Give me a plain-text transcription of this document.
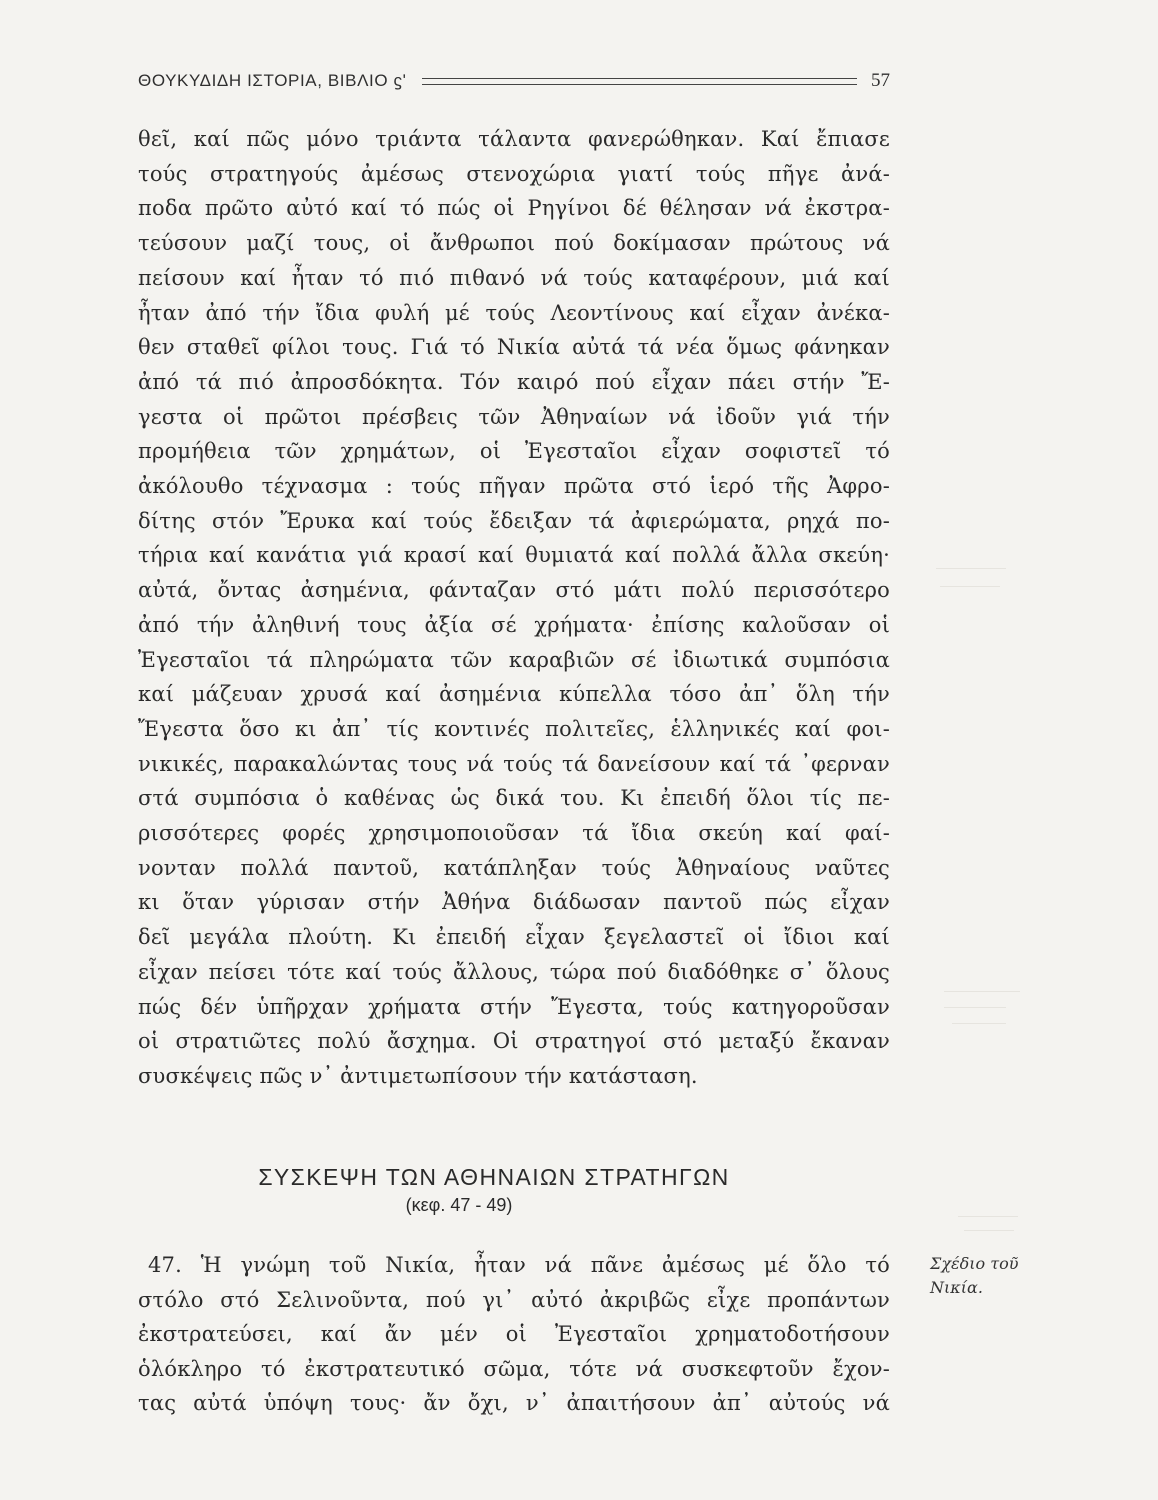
ΘΟΥΚΥΔΙΔΗ ΙΣΤΟΡΙΑ, ΒΙΒΛΙΟ ϛʹ	57
θεῖ, καί πῶς μόνο τριάντα τάλαντα φανερώθηκαν. Καί ἔπιασε
τούς στρατηγούς ἀμέσως στενοχώρια γιατί τούς πῆγε ἀνά-
ποδα πρῶτο αὐτό καί τό πώς οἱ Ρηγίνοι δέ θέλησαν νά ἐκστρα-
τεύσουν μαζί τους, οἱ ἄνθρωποι πού δοκίμασαν πρώτους νά
πείσουν καί ἦταν τό πιό πιθανό νά τούς καταφέρουν, μιά καί
ἦταν ἀπό τήν ἴδια φυλή μέ τούς Λεοντίνους καί εἶχαν ἀνέκα-
θεν σταθεῖ φίλοι τους. Γιά τό Νικία αὐτά τά νέα ὅμως φάνηκαν
ἀπό τά πιό ἀπροσδόκητα. Τόν καιρό πού εἶχαν πάει στήν Ἔ-
γεστα οἱ πρῶτοι πρέσβεις τῶν Ἀθηναίων νά ἰδοῦν γιά τήν
προμήθεια τῶν χρημάτων, οἱ Ἐγεσταῖοι εἶχαν σοφιστεῖ τό
ἀκόλουθο τέχνασμα : τούς πῆγαν πρῶτα στό ἱερό τῆς Ἀφρο-
δίτης στόν Ἔρυκα καί τούς ἔδειξαν τά ἀφιερώματα, ρηχά πο-
τήρια καί κανάτια γιά κρασί καί θυμιατά καί πολλά ἄλλα σκεύη·
αὐτά, ὄντας ἀσημένια, φάνταζαν στό μάτι πολύ περισσότερο
ἀπό τήν ἀληθινή τους ἀξία σέ χρήματα· ἐπίσης καλοῦσαν οἱ
Ἐγεσταῖοι τά πληρώματα τῶν καραβιῶν σέ ἰδιωτικά συμπόσια
καί μάζευαν χρυσά καί ἀσημένια κύπελλα τόσο ἀπ᾽ ὅλη τήν
Ἔγεστα ὅσο κι ἀπ᾽ τίς κοντινές πολιτεῖες, ἑλληνικές καί φοι-
νικικές, παρακαλώντας τους νά τούς τά δανείσουν καί τά ᾽φερναν
στά συμπόσια ὁ καθένας ὡς δικά του. Κι ἐπειδή ὅλοι τίς πε-
ρισσότερες φορές χρησιμοποιοῦσαν τά ἴδια σκεύη καί φαί-
νονταν πολλά παντοῦ, κατάπληξαν τούς Ἀθηναίους ναῦτες
κι ὅταν γύρισαν στήν Ἀθήνα διάδωσαν παντοῦ πώς εἶχαν
δεῖ μεγάλα πλούτη. Κι ἐπειδή εἶχαν ξεγελαστεῖ οἱ ἴδιοι καί
εἶχαν πείσει τότε καί τούς ἄλλους, τώρα πού διαδόθηκε σ᾽ ὅλους
πώς δέν ὑπῆρχαν χρήματα στήν Ἔγεστα, τούς κατηγοροῦσαν
οἱ στρατιῶτες πολύ ἄσχημα. Οἱ στρατηγοί στό μεταξύ ἔκαναν
συσκέψεις πῶς ν᾽ ἀντιμετωπίσουν τήν κατάσταση.
ΣΥΣΚΕΨΗ ΤΩΝ ΑΘΗΝΑΙΩΝ ΣΤΡΑΤΗΓΩΝ
(κεφ. 47 - 49)
47. Ἡ γνώμη τοῦ Νικία, ἦταν νά πᾶνε ἀμέσως μέ ὅλο τό
στόλο στό Σελινοῦντα, πού γι᾽ αὐτό ἀκριβῶς εἶχε προπάντων
ἐκστρατεύσει, καί ἄν μέν οἱ Ἐγεσταῖοι χρηματοδοτήσουν
ὁλόκληρο τό ἐκστρατευτικό σῶμα, τότε νά συσκεφτοῦν ἔχον-
τας αὐτά ὑπόψη τους· ἄν ὄχι, ν᾽ ἀπαιτήσουν ἀπ᾽ αὐτούς νά
Σχέδιο τοῦ
Νικία.
